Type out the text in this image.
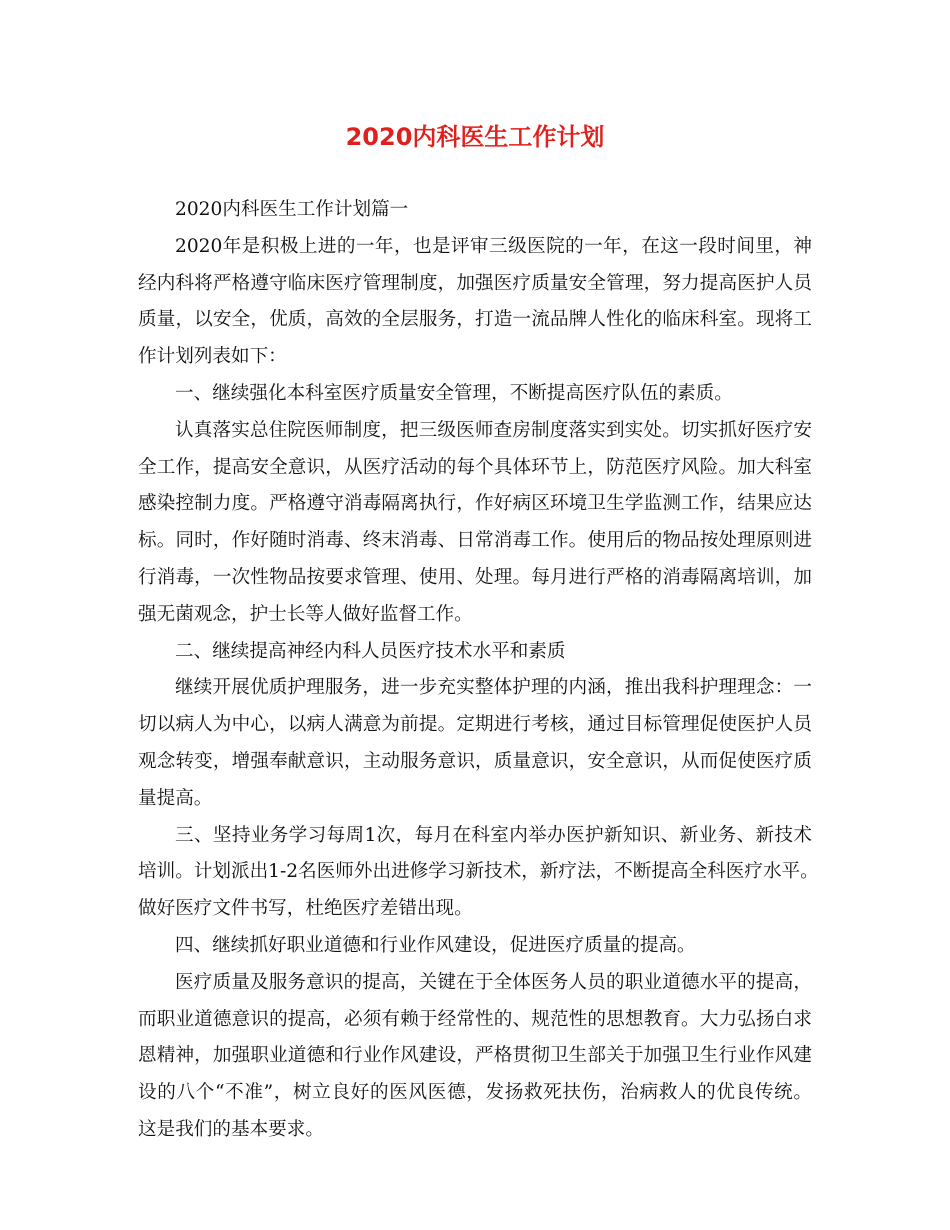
2020内科医生工作计划
2020内科医生工作计划篇一
2020年是积极上进的一年，也是评审三级医院的一年，在这一段时间里，神
经内科将严格遵守临床医疗管理制度，加强医疗质量安全管理，努力提高医护人员
质量，以安全，优质，高效的全层服务，打造一流品牌人性化的临床科室。现将工
作计划列表如下：
一、继续强化本科室医疗质量安全管理，不断提高医疗队伍的素质。
认真落实总住院医师制度，把三级医师查房制度落实到实处。切实抓好医疗安
全工作，提高安全意识，从医疗活动的每个具体环节上，防范医疗风险。加大科室
感染控制力度。严格遵守消毒隔离执行，作好病区环境卫生学监测工作，结果应达
标。同时，作好随时消毒、终末消毒、日常消毒工作。使用后的物品按处理原则进
行消毒，一次性物品按要求管理、使用、处理。每月进行严格的消毒隔离培训，加
强无菌观念，护士长等人做好监督工作。
二、继续提高神经内科人员医疗技术水平和素质
继续开展优质护理服务，进一步充实整体护理的内涵，推出我科护理理念：一
切以病人为中心，以病人满意为前提。定期进行考核，通过目标管理促使医护人员
观念转变，增强奉献意识，主动服务意识，质量意识，安全意识，从而促使医疗质
量提高。
三、坚持业务学习每周1次，每月在科室内举办医护新知识、新业务、新技术
培训。计划派出1-2名医师外出进修学习新技术，新疗法，不断提高全科医疗水平。
做好医疗文件书写，杜绝医疗差错出现。
四、继续抓好职业道德和行业作风建设，促进医疗质量的提高。
医疗质量及服务意识的提高，关键在于全体医务人员的职业道德水平的提高，
而职业道德意识的提高，必须有赖于经常性的、规范性的思想教育。大力弘扬白求
恩精神，加强职业道德和行业作风建设，严格贯彻卫生部关于加强卫生行业作风建
设的八个“不准”，树立良好的医风医德，发扬救死扶伤，治病救人的优良传统。
这是我们的基本要求。
